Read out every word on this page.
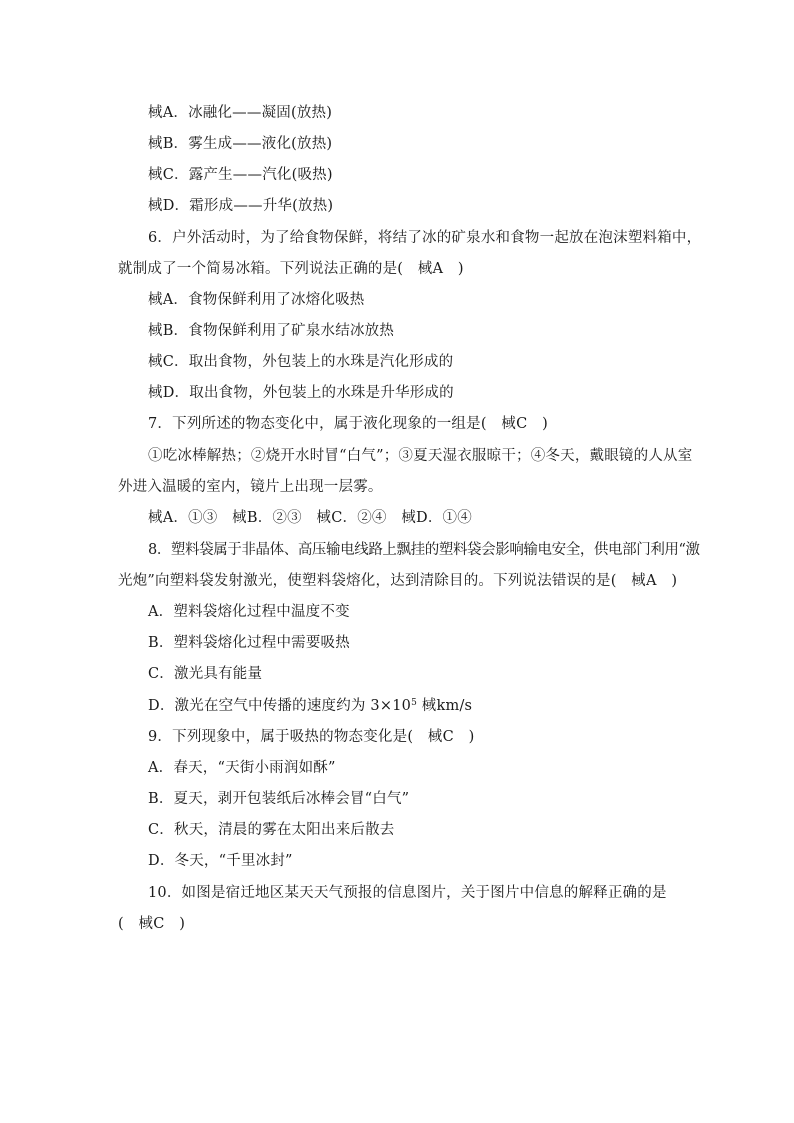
棫A．冰融化——凝固(放热)
棫B．雾生成——液化(放热)
棫C．露产生——汽化(吸热)
棫D．霜形成——升华(放热)
6．户外活动时，为了给食物保鲜，将结了冰的矿泉水和食物一起放在泡沫塑料箱中，
就制成了一个简易冰箱。下列说法正确的是(　棫A　)
棫A．食物保鲜利用了冰熔化吸热
棫B．食物保鲜利用了矿泉水结冰放热
棫C．取出食物，外包装上的水珠是汽化形成的
棫D．取出食物，外包装上的水珠是升华形成的
7．下列所述的物态变化中，属于液化现象的一组是(　棫C　)
①吃冰棒解热；②烧开水时冒“白气”；③夏天湿衣服晾干；④冬天，戴眼镜的人从室
外进入温暖的室内，镜片上出现一层雾。
棫A．①③　棫B．②③　棫C．②④　棫D．①④
8．塑料袋属于非晶体、高压输电线路上飘挂的塑料袋会影响输电安全，供电部门利用“激
光炮”向塑料袋发射激光，使塑料袋熔化，达到清除目的。下列说法错误的是(　棫A　)
A．塑料袋熔化过程中温度不变
B．塑料袋熔化过程中需要吸热
C．激光具有能量
D．激光在空气中传播的速度约为 $3\times 10^5$ 棫km/s
9．下列现象中，属于吸热的物态变化是(　棫C　)
A．春天，“天街小雨润如酥”
B．夏天，剥开包装纸后冰棒会冒“白气”
C．秋天，清晨的雾在太阳出来后散去
D．冬天，“千里冰封”
10．如图是宿迁地区某天天气预报的信息图片，关于图片中信息的解释正确的是
(　棫C　)
